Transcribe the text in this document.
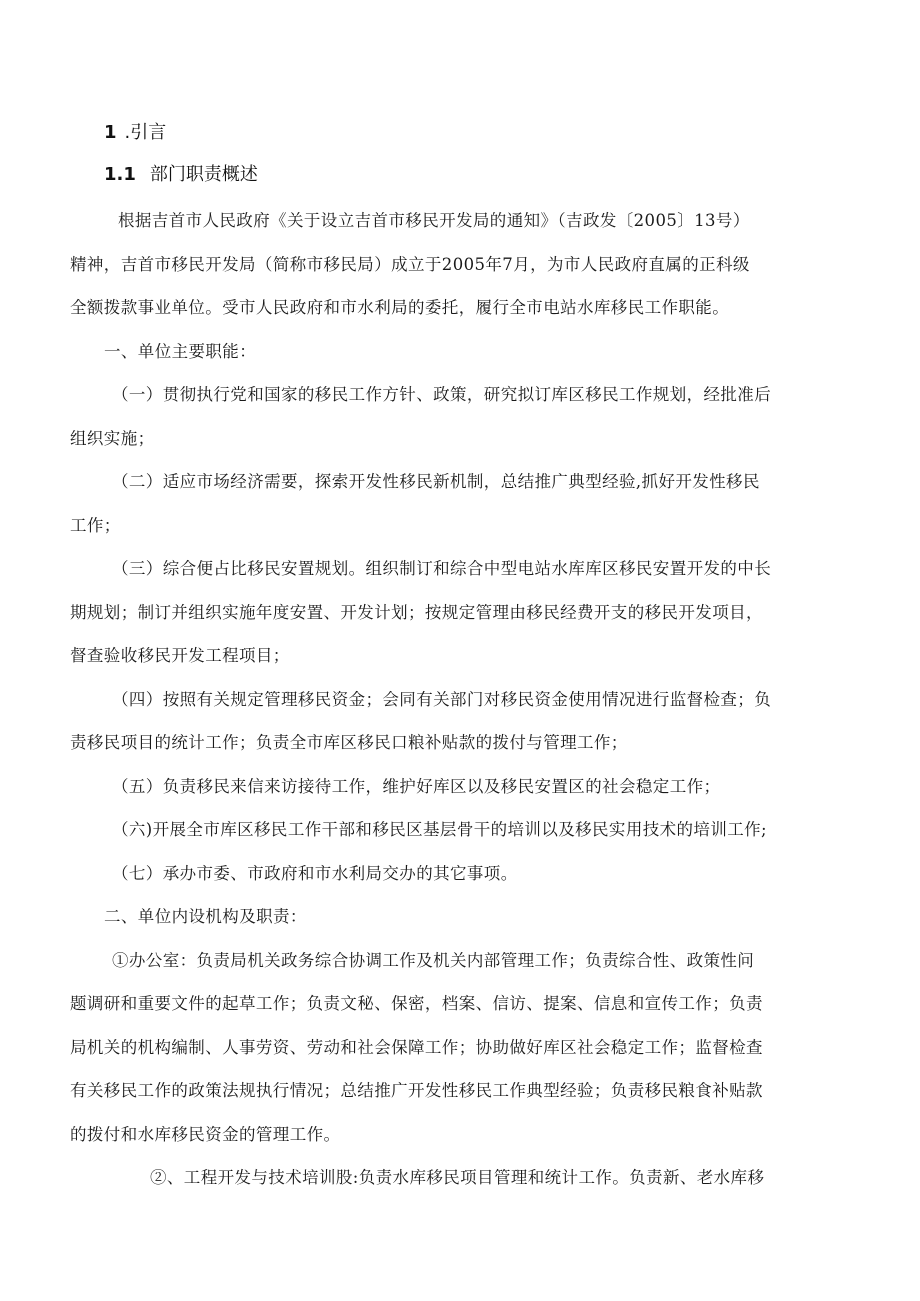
1 .引言
1.1 部门职责概述
根据吉首市人民政府《关于设立吉首市移民开发局的通知》（吉政发〔2005〕13号）
精神，吉首市移民开发局（简称市移民局）成立于2005年7月，为市人民政府直属的正科级
全额拨款事业单位。受市人民政府和市水利局的委托，履行全市电站水库移民工作职能。
一、单位主要职能：
（一）贯彻执行党和国家的移民工作方针、政策，研究拟订库区移民工作规划，经批准后
组织实施；
（二）适应市场经济需要，探索开发性移民新机制，总结推广典型经验,抓好开发性移民
工作；
（三）综合便占比移民安置规划。组织制订和综合中型电站水库库区移民安置开发的中长
期规划；制订并组织实施年度安置、开发计划；按规定管理由移民经费开支的移民开发项目，
督查验收移民开发工程项目；
（四）按照有关规定管理移民资金；会同有关部门对移民资金使用情况进行监督检查；负
责移民项目的统计工作；负责全市库区移民口粮补贴款的拨付与管理工作；
（五）负责移民来信来访接待工作，维护好库区以及移民安置区的社会稳定工作；
（六)开展全市库区移民工作干部和移民区基层骨干的培训以及移民实用技术的培训工作;
（七）承办市委、市政府和市水利局交办的其它事项。
二、单位内设机构及职责：
①办公室：负责局机关政务综合协调工作及机关内部管理工作；负责综合性、政策性问
题调研和重要文件的起草工作；负责文秘、保密，档案、信访、提案、信息和宣传工作；负责
局机关的机构编制、人事劳资、劳动和社会保障工作；协助做好库区社会稳定工作；监督检查
有关移民工作的政策法规执行情况；总结推广开发性移民工作典型经验；负责移民粮食补贴款
的拨付和水库移民资金的管理工作。
②、工程开发与技术培训股:负责水库移民项目管理和统计工作。负责新、老水库移
